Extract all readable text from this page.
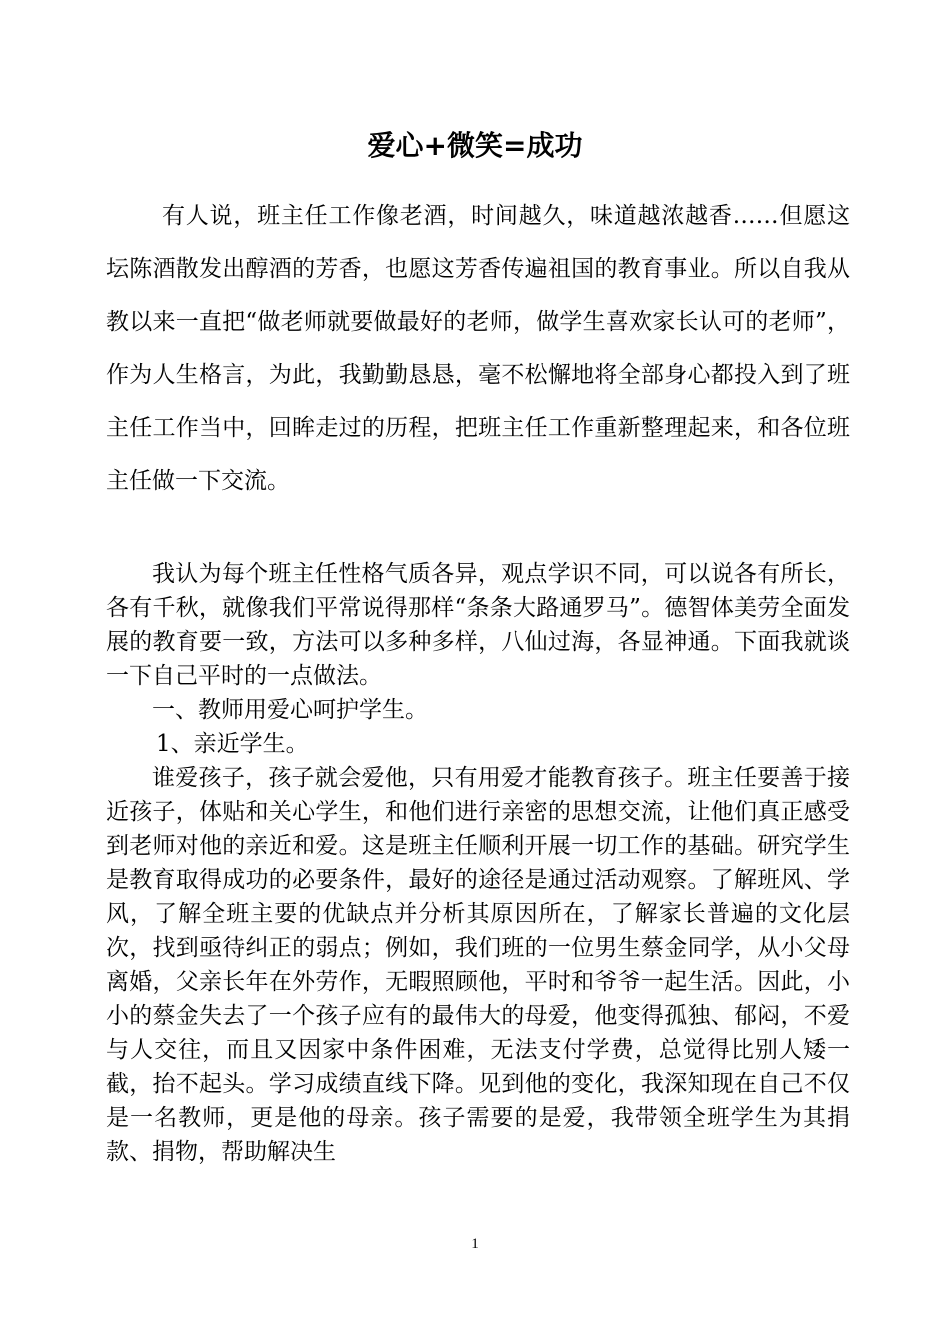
爱心+微笑=成功

有人说，班主任工作像老酒，时间越久，味道越浓越香……但愿这坛陈酒散发出醇酒的芳香，也愿这芳香传遍祖国的教育事业。所以自我从教以来一直把“做老师就要做最好的老师，做学生喜欢家长认可的老师”，作为人生格言，为此，我勤勤恳恳，毫不松懈地将全部身心都投入到了班主任工作当中，回眸走过的历程，把班主任工作重新整理起来，和各位班主任做一下交流。

我认为每个班主任性格气质各异，观点学识不同，可以说各有所长，各有千秋，就像我们平常说得那样“条条大路通罗马”。德智体美劳全面发展的教育要一致，方法可以多种多样，八仙过海，各显神通。下面我就谈一下自己平时的一点做法。

一、教师用爱心呵护学生。

1、亲近学生。

谁爱孩子，孩子就会爱他，只有用爱才能教育孩子。班主任要善于接近孩子，体贴和关心学生，和他们进行亲密的思想交流，让他们真正感受到老师对他的亲近和爱。这是班主任顺利开展一切工作的基础。研究学生是教育取得成功的必要条件，最好的途径是通过活动观察。了解班风、学风，了解全班主要的优缺点并分析其原因所在，了解家长普遍的文化层次，找到亟待纠正的弱点；例如，我们班的一位男生蔡金同学，从小父母离婚，父亲长年在外劳作，无暇照顾他，平时和爷爷一起生活。因此，小小的蔡金失去了一个孩子应有的最伟大的母爱，他变得孤独、郁闷，不爱与人交往，而且又因家中条件困难，无法支付学费，总觉得比别人矮一截，抬不起头。学习成绩直线下降。见到他的变化，我深知现在自己不仅是一名教师，更是他的母亲。孩子需要的是爱，我带领全班学生为其捐款、捐物，帮助解决生

1
